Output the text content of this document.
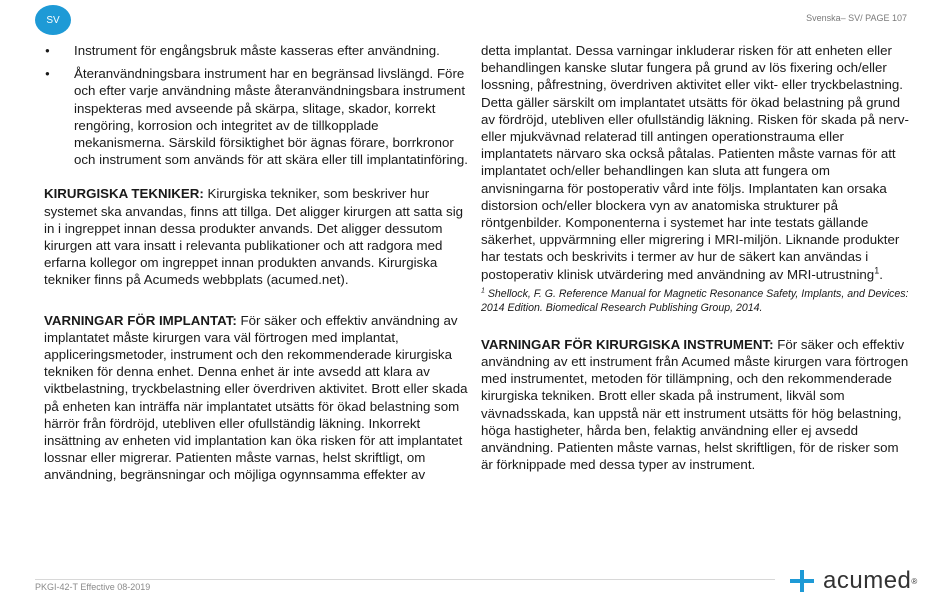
SV	Svenska– SV/ PAGE 107
● Instrument för engångsbruk måste kasseras efter användning.
● Återanvändningsbara instrument har en begränsad livslängd. Före och efter varje användning måste återanvändningsbara instrument inspekteras med avseende på skärpa, slitage, skador, korrekt rengöring, korrosion och integritet av de tillkopplade mekanismerna. Särskild försiktighet bör ägnas förare, borrkronor och instrument som används för att skära eller till implantatinföring.

KIRURGISKA TEKNIKER: Kirurgiska tekniker, som beskriver hur systemet ska anvandas, finns att tillga. Det aligger kirurgen att satta sig in i ingreppet innan dessa produkter anvands. Det aligger dessutom kirurgen att vara insatt i relevanta publikationer och att radgora med erfarna kollegor om ingreppet innan produkten anvands. Kirurgiska tekniker finns på Acumeds webbplats (acumed.net).

VARNINGAR FÖR IMPLANTAT: För säker och effektiv användning av implantatet måste kirurgen vara väl förtrogen med implantat, appliceringsmetoder, instrument och den rekommenderade kirurgiska tekniken för denna enhet. Denna enhet är inte avsedd att klara av viktbelastning, tryckbelastning eller överdriven aktivitet. Brott eller skada på enheten kan inträffa när implantatet utsätts för ökad belastning som härrör från fördröjd, utebliven eller ofullständig läkning. Inkorrekt insättning av enheten vid implantation kan öka risken för att implantatet lossnar eller migrerar. Patienten måste varnas, helst skriftligt, om användning, begränsningar och möjliga ogynnsamma effekter av

detta implantat. Dessa varningar inkluderar risken för att enheten eller behandlingen kanske slutar fungera på grund av lös fixering och/eller lossning, påfrestning, överdriven aktivitet eller vikt- eller tryckbelastning. Detta gäller särskilt om implantatet utsätts för ökad belastning på grund av fördröjd, utebliven eller ofullständig läkning. Risken för skada på nerv- eller mjukvävnad relaterad till antingen operationstrauma eller implantatets närvaro ska också påtalas. Patienten måste varnas för att implantatet och/eller behandlingen kan sluta att fungera om anvisningarna för postoperativ vård inte följs. Implantaten kan orsaka distorsion och/eller blockera vyn av anatomiska strukturer på röntgenbilder. Komponenterna i systemet har inte testats gällande säkerhet, uppvärmning eller migrering i MRI-miljön. Liknande produkter har testats och beskrivits i termer av hur de säkert kan användas i postoperativ klinisk utvärdering med användning av MRI-utrustning$^1$.

$^1$ Shellock, F. G. Reference Manual for Magnetic Resonance Safety, Implants, and Devices: 2014 Edition. Biomedical Research Publishing Group, 2014.

VARNINGAR FÖR KIRURGISKA INSTRUMENT: För säker och effektiv användning av ett instrument från Acumed måste kirurgen vara förtrogen med instrumentet, metoden för tillämpning, och den rekommenderade kirurgiska tekniken. Brott eller skada på instrument, likväl som vävnadsskada, kan uppstå när ett instrument utsätts för hög belastning, höga hastigheter, hårda ben, felaktig användning eller ej avsedd användning. Patienten måste varnas, helst skriftligen, för de risker som är förknippade med dessa typer av instrument.

PKGI-42-T Effective 08-2019	acumed ®
